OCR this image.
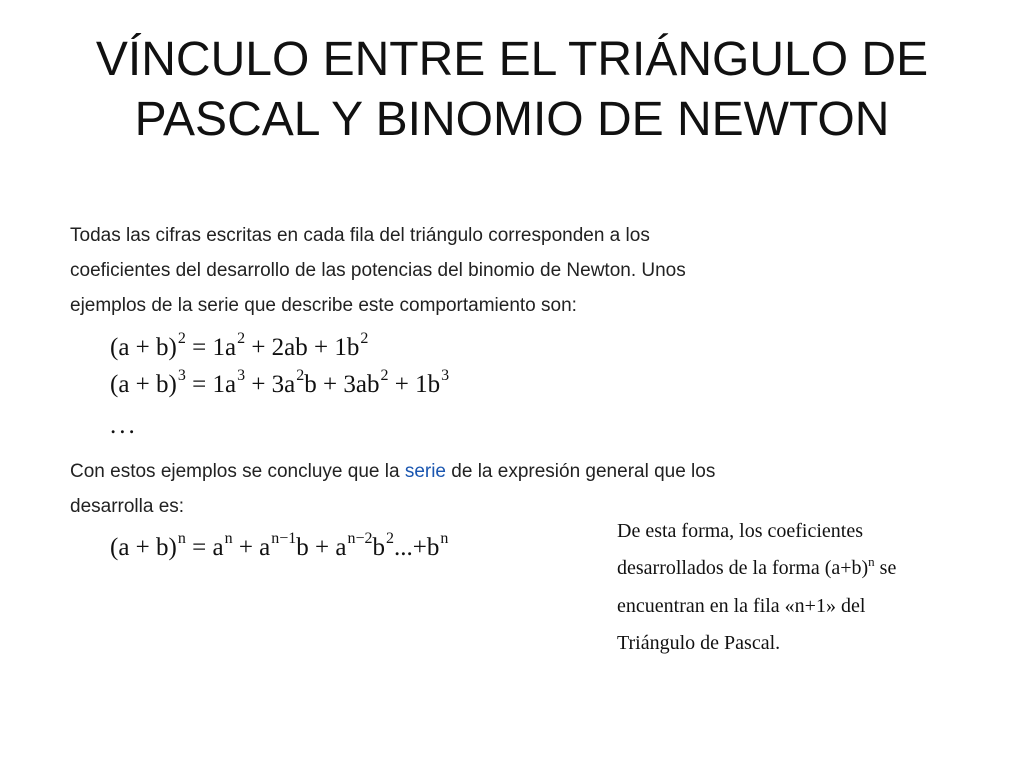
VÍNCULO ENTRE EL TRIÁNGULO DE
PASCAL Y BINOMIO DE NEWTON
Todas las cifras escritas en cada fila del triángulo corresponden a los
coeficientes del desarrollo de las potencias del binomio de Newton. Unos
ejemplos de la serie que describe este comportamiento son:
$(a + b)^2 = 1a^2 + 2ab + 1b^2$
$(a + b)^3 = 1a^3 + 3a^2b + 3ab^2 + 1b^3$
...
Con estos ejemplos se concluye que la serie de la expresión general que los
desarrolla es:
$(a + b)^n = a^n + a^{n-1}b + a^{n-2}b^2...+b^n$	De esta forma, los coeficientes
desarrollados de la forma $(a+b)^n$ se
encuentran en la fila «n+1» del
Triángulo de Pascal.
